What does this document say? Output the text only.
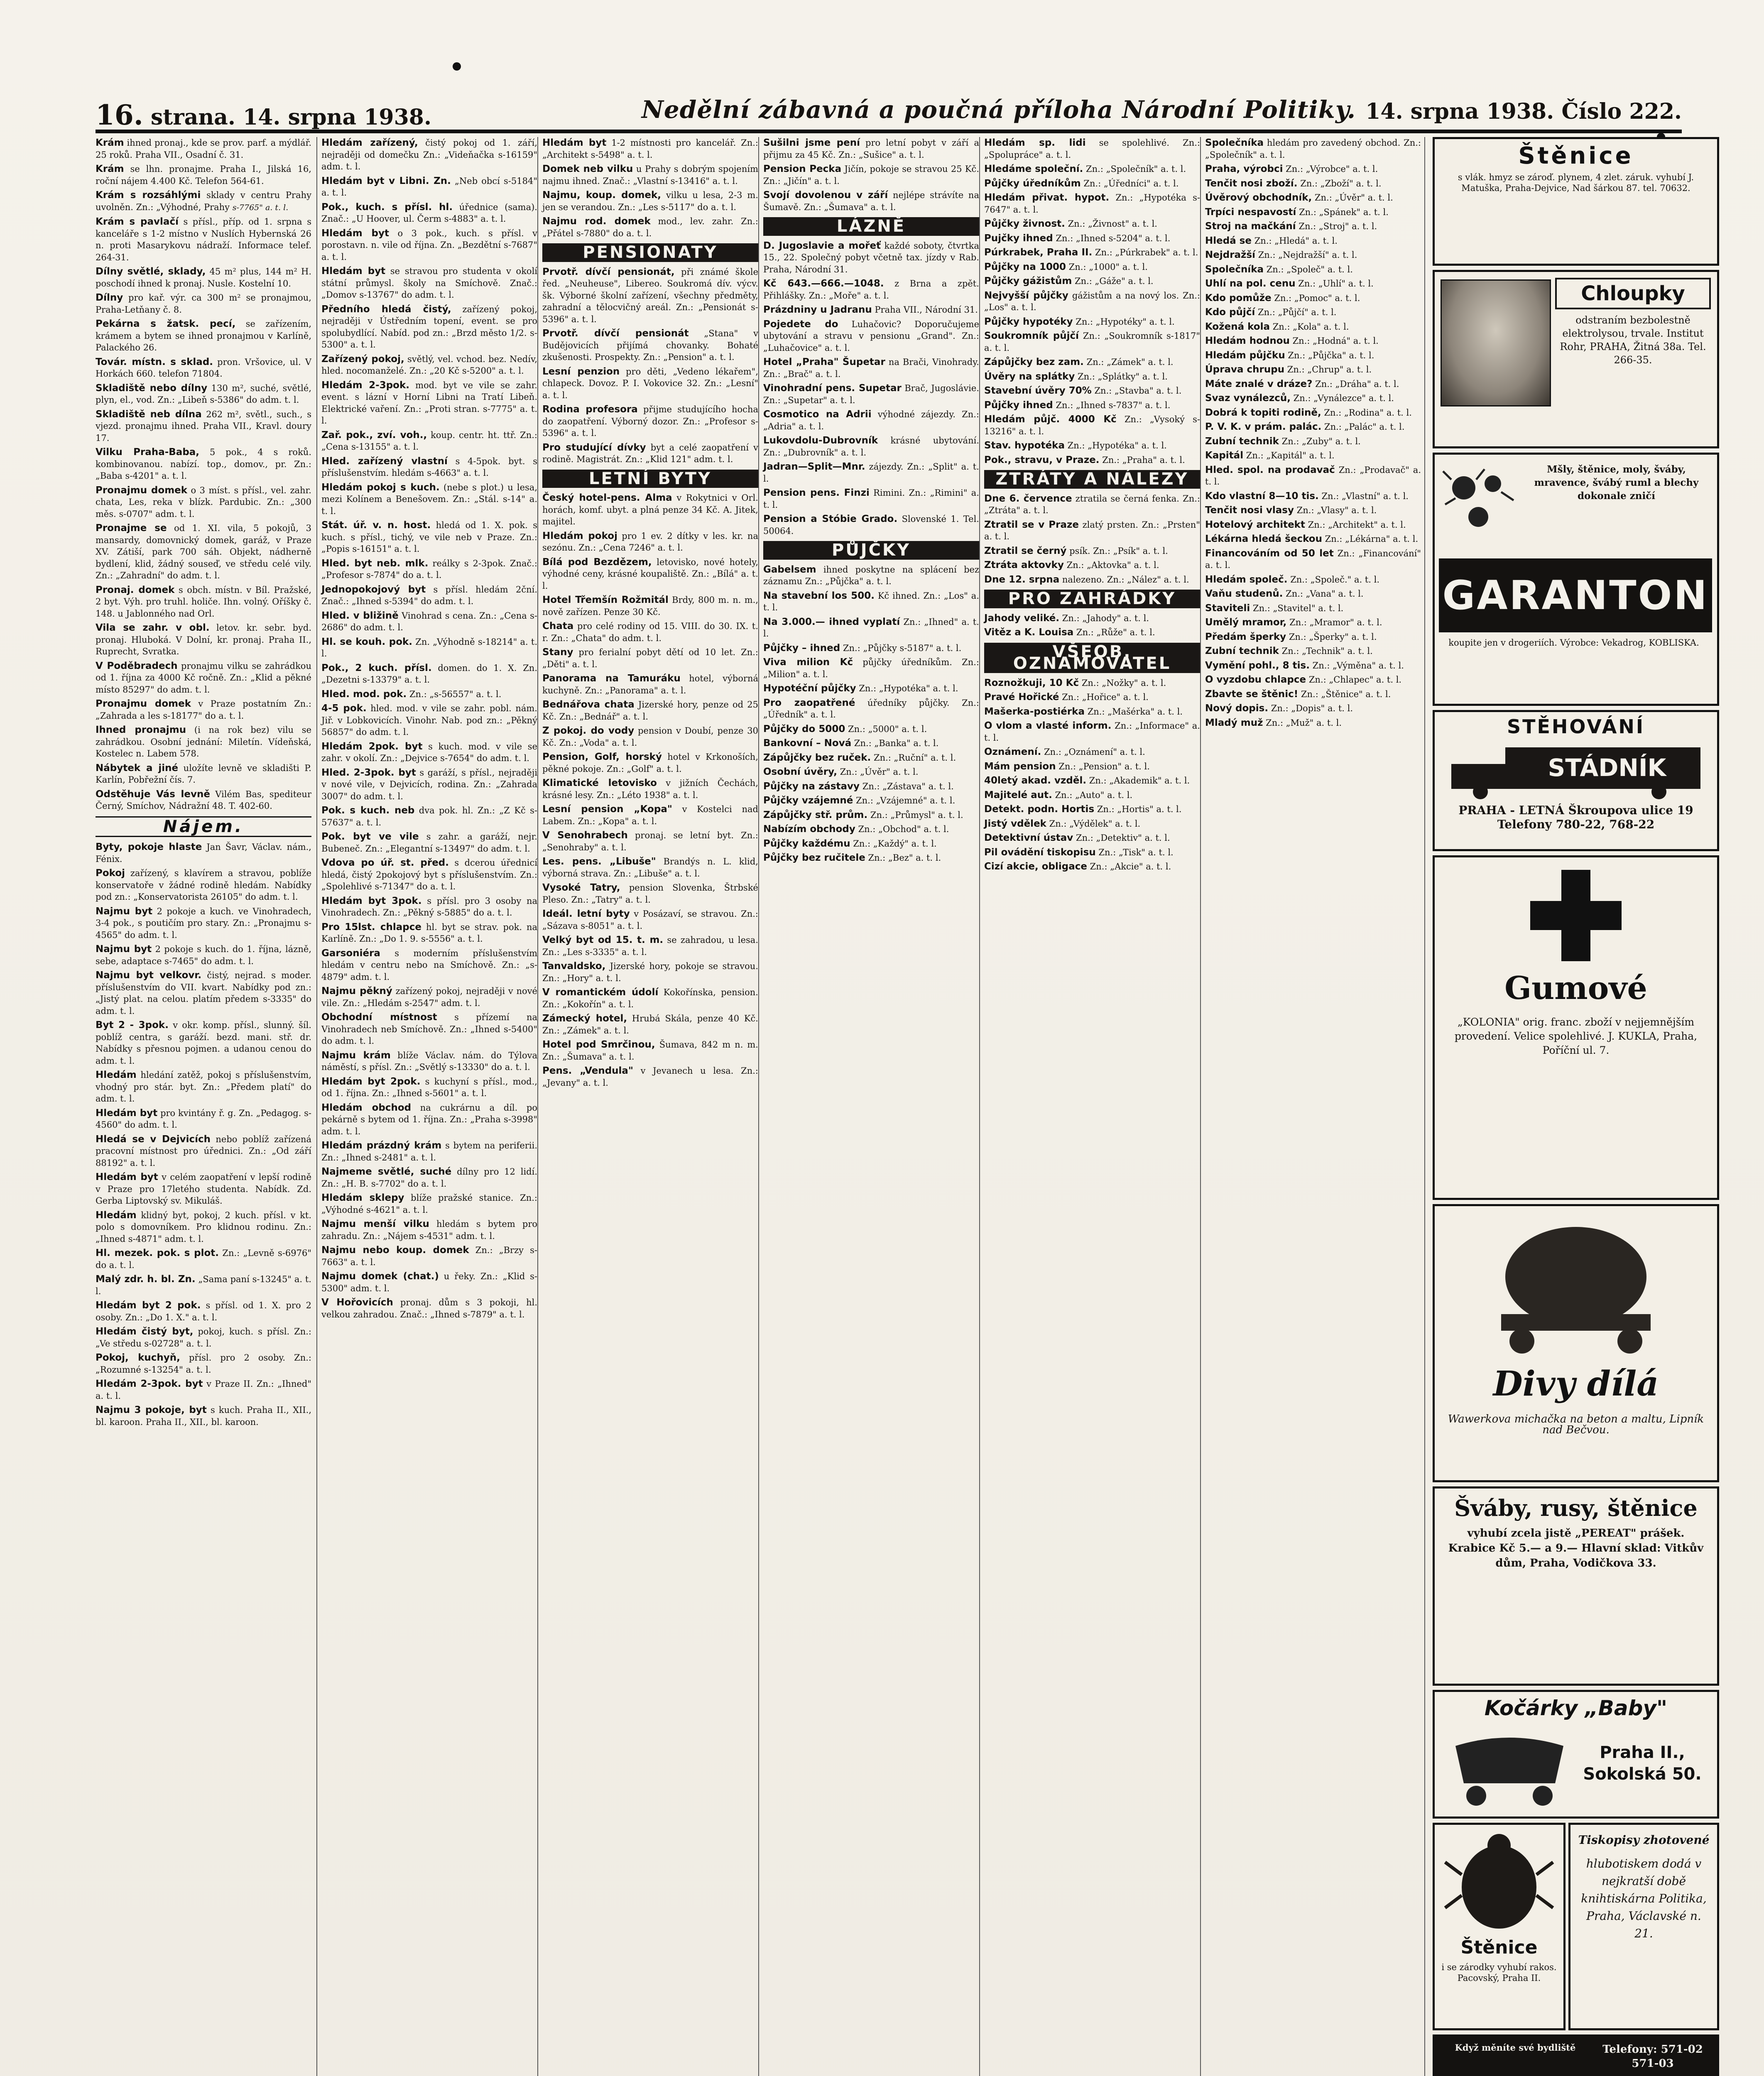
16. strana. 14. srpna 1938.	Nedělní zábavná a poučná příloha Národní Politiky. 14. srpna 1938. Číslo 222.

Krám ihned pronaj., kde se prov. parf. a mýdlář. 25 roků. Praha VII., Osadní č. 31.

Krám se lhn. pronajme. Praha I., Jilská 16, roční nájem 4.400 Kč. Telefon 564-61.

Krám s rozsáhlými sklady v centru Prahy uvolněn. Zn.: „Výhodné, Prahy s-7765" a. t. l.

Krám s pavlačí s přísl., příp. od 1. srpna s kanceláře s 1-2 místno v Nuslích Hybernská 26 n. proti Masarykovu nádraží. Informace telef. 264-31.

Dílny světlé, sklady, 45 m² plus, 144 m² H. poschodí ihned k pronaj. Nusle. Kostelní 10.

Dílny pro kař. výr. ca 300 m² se pronajmou, Praha-Letňany č. 8.

Pekárna s žatsk. pecí, se zařízením, krámem a bytem se ihned pronajmou v Karlíně, Palackého 26.

Továr. místn. s sklad. pron. Vršovice, ul. V Horkách 660. telefon 71804.

Skladiště nebo dílny 130 m², suché, světlé, plyn, el., vod. Zn.: „Libeň s-5386" do adm. t. l.

Skladiště neb dílna 262 m², světl., such., s vjezd. pronajmu ihned. Praha VII., Kravl. doury 17.

Vilku Praha-Baba, 5 pok., 4 s roků. kombinovanou. nabízí. top., domov., pr. Zn.: „Baba s-4201" a. t. l.

Pronajmu domek o 3 míst. s přísl., vel. zahr. chata, Les, reka v blízk. Pardubic. Zn.: „300 měs. s-0707" adm. t. l.

Pronajme se od 1. XI. vila, 5 pokojů, 3 mansardy, domovnický domek, garáž, v Praze XV. Zátiší, park 700 sáh. Objekt, nádherně bydlení, klid, žádný souseď, ve středu celé vily. Zn.: „Zahradní" do adm. t. l.

Pronaj. domek s obch. místn. v Bíl. Pražské, 2 byt. Výh. pro truhl. holiče. Ihn. volný. Oříšky č. 148. u Jablonného nad Orl.

Vila se zahr. v obl. letov. kr. sebr. byd. pronaj. Hluboká. V Dolní, kr. pronaj. Praha II., Ruprecht, Svratka.

V Poděbradech pronajmu vilku se zahrádkou od 1. října za 4000 Kč ročně. Zn.: „Klid a pěkné místo 85297" do adm. t. l.

Pronajmu domek v Praze postatním Zn.: „Zahrada a les s-18177" do a. t. l.

Ihned pronajmu (i na rok bez) vilu se zahrádkou. Osobní jednání: Miletín. Vídeňská, Kostelec n. Labem 578.

Nábytek a jiné uložíte levně ve skladišti P. Karlín, Pobřežní čís. 7.

Odstěhuje Vás levně Vilém Bas, spediteur Černý, Smíchov, Nádražní 48. T. 402-60.

Nájem.

Byty, pokoje hlaste Jan Šavr, Václav. nám., Fénix.

Pokoj zařízený, s klavírem a stravou, poblíže konservatoře v žádné rodině hledám. Nabídky pod zn.: „Konservatorista 26105" do adm. t. l.

Najmu byt 2 pokoje a kuch. ve Vinohradech, 3-4 pok., s poutičím pro stary. Zn.: „Pronajmu s-4565" do adm. t. l.

Najmu byt 2 pokoje s kuch. do 1. října, lázně, sebe, adaptace s-7465" do adm. t. l.

Najmu byt velkovr. čistý, nejrad. s moder. příslušenstvím do VII. kvart. Nabídky pod zn.: „Jistý plat. na celou. platím předem s-3335" do adm. t. l.

Byt 2 - 3pok. v okr. komp. přísl., slunný. šíl. poblíž centra, s garáží. bezd. mani. stř. dr. Nabídky s přesnou pojmen. a udanou cenou do adm. t. l.

Hledám hledání zatěž, pokoj s příslušenstvím, vhodný pro stár. byt. Zn.: „Předem platí" do adm. t. l.

Hledám byt pro kvintány ř. g. Zn. „Pedagog. s-4560" do adm. t. l.

Hledá se v Dejvicích nebo poblíž zařízená pracovní místnost pro úřednici. Zn.: „Od září 88192" a. t. l.

Hledám byt v celém zaopatření v lepší rodině v Praze pro 17letého studenta. Nabídk. Zd. Gerba Liptovský sv. Mikuláš.

Hledám klidný byt, pokoj, 2 kuch. přísl. v kt. polo s domovníkem. Pro klidnou rodinu. Zn.: „Ihned s-4871" adm. t. l.

Hl. mezek. pok. s plot. Zn.: „Levně s-6976" do a. t. l.

Malý zdr. h. bl. Zn. „Sama paní s-13245" a. t. l.

Hledám byt 2 pok. s přísl. od 1. X. pro 2 osoby. Zn.: „Do 1. X." a. t. l.

Hledám čistý byt, pokoj, kuch. s přísl. Zn.: „Ve středu s-02728" a. t. l.

Pokoj, kuchyň, přísl. pro 2 osoby. Zn.: „Rozumné s-13254" a. t. l.

Hledám 2-3pok. byt v Praze II. Zn.: „Ihned" a. t. l.

Najmu 3 pokoje, byt s kuch. Praha II., XII., bl. karoon. Praha II., XII., bl. karoon.

Hledám zařízený, čistý pokoj od 1. září, nejraději od domečku Zn.: „Videňačka s-16159" adm. t. l.

Hledám byt v Libni. Zn. „Neb obcí s-5184" a. t. l.

Pok., kuch. s přísl. hl. úřednice (sama). Znač.: „U Hoover, ul. Čerm s-4883" a. t. l.

Hledám byt o 3 pok., kuch. s přísl. v porostavn. n. vile od října. Zn. „Bezdětní s-7687" a. t. l.

Hledám byt se stravou pro studenta v okolí státní průmysl. školy na Smíchově. Znač.: „Domov s-13767" do adm. t. l.

Předního hledá čistý, zařízený pokoj, nejraději v Ústředním topení, event. se pro spolubydlící. Nabíd. pod zn.: „Brzd město 1/2. s-5300" a. t. l.

Zařízený pokoj, světlý, vel. vchod. bez. Nedív, hled. nocomanželé. Zn.: „20 Kč s-5200" a. t. l.

Hledám 2-3pok. mod. byt ve vile se zahr. event. s lázní v Horní Libni na Tratí Libeň. Elektrické vaření. Zn.: „Proti stran. s-7775" a. t. l.

Zař. pok., zví. voh., koup. centr. ht. ttř. Zn.: „Cena s-13155" a. t. l.

Hled. zařízený vlastní s 4-5pok. byt. s příslušenstvím. hledám s-4663" a. t. l.

Hledám pokoj s kuch. (nebe s plot.) u lesa, mezi Kolínem a Benešovem. Zn.: „Stál. s-14" a. t. l.

Stát. úř. v. n. host. hledá od 1. X. pok. s kuch. s přísl., tichý, ve vile neb v Praze. Zn.: „Popis s-16151" a. t. l.

Hled. byt neb. mlk. reálky s 2-3pok. Znač.: „Profesor s-7874" do a. t. l.

Jednopokojový byt s přísl. hledám 2ční. Znač.: „Ihned s-5394" do adm. t. l.

Hled. v bližině Vinohrad s cena. Zn.: „Cena s-2686" do adm. t. l.

Hl. se kouh. pok. Zn. „Výhodně s-18214" a. t. l.

Pok., 2 kuch. přísl. domen. do 1. X. Zn. „Dezetni s-13379" a. t. l.

Hled. mod. pok. Zn.: „s-56557" a. t. l.

4-5 pok. hled. mod. v vile se zahr. pobl. nám. Jiř. v Lobkovicích. Vinohr. Nab. pod zn.: „Pěkný 56857" do adm. t. l.

Hledám 2pok. byt s kuch. mod. v vile se zahr. v okolí. Zn.: „Dejvice s-7654" do adm. t. l.

Hled. 2-3pok. byt s garáží, s přísl., nejraději v nové vile, v Dejvicích, rodina. Zn.: „Zahrada 3007" do adm. t. l.

Pok. s kuch. neb dva pok. hl. Zn.: „Z Kč s-57637" a. t. l.

Pok. byt ve vile s zahr. a garáží, nejr. Bubeneč. Zn.: „Elegantní s-13497" do adm. t. l.

Vdova po úř. st. před. s dcerou úřednicí hledá, čistý 2pokojový byt s příslušenstvím. Zn.: „Spolehlivé s-71347" do a. t. l.

Hledám byt 3pok. s přísl. pro 3 osoby na Vinohradech. Zn.: „Pěkný s-5885" do a. t. l.

Pro 15lst. chlapce hl. byt se strav. pok. na Karlíně. Zn.: „Do 1. 9. s-5556" a. t. l.

Garsoniéra s moderním příslušenstvím hledám v centru nebo na Smíchově. Zn.: „s-4879" adm. t. l.

Najmu pěkný zařízený pokoj, nejraději v nové vile. Zn.: „Hledám s-2547" adm. t. l.

Obchodní místnost s přízemí na Vinohradech neb Smíchově. Zn.: „Ihned s-5400" do adm. t. l.

Najmu krám blíže Václav. nám. do Týlova náměstí, s přísl. Zn.: „Světlý s-13330" do a. t. l.

Hledám byt 2pok. s kuchyní s přísl., mod., od 1. října. Zn.: „Ihned s-5601" a. t. l.

Hledám obchod na cukrárnu a díl. po pekárně s bytem od 1. října. Zn.: „Praha s-3998" adm. t. l.

Hledám prázdný krám s bytem na periferii. Zn.: „Ihned s-2481" a. t. l.

Najmeme světlé, suché dílny pro 12 lidí. Zn.: „H. B. s-7702" do a. t. l.

Hledám sklepy blíže pražské stanice. Zn.: „Výhodné s-4621" a. t. l.

Najmu menší vilku hledám s bytem pro zahradu. Zn.: „Nájem s-4531" adm. t. l.

Najmu nebo koup. domek Zn.: „Brzy s-7663" a. t. l.

Najmu domek (chat.) u řeky. Zn.: „Klid s-5300" adm. t. l.

V Hořovicích pronaj. dům s 3 pokoji, hl. velkou zahradou. Znač.: „Ihned s-7879" a. t. l.

Hledám byt 1-2 místnosti pro kancelář. Zn.: „Architekt s-5498" a. t. l.

Domek neb vilku u Prahy s dobrým spojením najmu ihned. Znač.: „Vlastní s-13416" a. t. l.

Najmu, koup. domek, vilku u lesa, 2-3 m. jen se verandou. Zn.: „Les s-5117" do a. t. l.

Najmu rod. domek mod., lev. zahr. Zn.: „Přátel s-7880" do a. t. l.

PENSIONATY

Prvotř. dívčí pensionát, při známé škole řed. „Neuheuse", Libereo. Soukromá dív. výcv. šk. Výborné školní zařízení, všechny předměty, zahradní a tělocvičný areál. Zn.: „Pensionát s-5396" a. t. l.

Prvotř. dívčí pensionát „Stana" v Budějovicích přijímá chovanky. Bohaté zkušenosti. Prospekty. Zn.: „Pension" a. t. l.

Lesní penzion pro děti, „Vedeno lékařem", chlapeck. Dovoz. P. I. Vokovice 32. Zn.: „Lesní" a. t. l.

Rodina profesora přijme studujícího hocha do zaopatření. Výborný dozor. Zn.: „Profesor s-5396" a. t. l.

Pro studující dívky byt a celé zaopatření v rodině. Magistrát. Zn.: „Klid 121" adm. t. l.

LETNÍ BYTY

Český hotel-pens. Alma v Rokytnici v Orl. horách, komf. ubyt. a plná penze 34 Kč. A. Jitek, majitel.

Hledám pokoj pro 1 ev. 2 dítky v les. kr. na sezónu. Zn.: „Cena 7246" a. t. l.

Bílá pod Bezdězem, letovisko, nové hotely, výhodné ceny, krásné koupaliště. Zn.: „Bílá" a. t. l.

Hotel Třemšín Rožmitál Brdy, 800 m. n. m., nově zařízen. Penze 30 Kč.

Chata pro celé rodiny od 15. VIII. do 30. IX. t. r. Zn.: „Chata" do adm. t. l.

Stany pro ferialní pobyt dětí od 10 let. Zn.: „Děti" a. t. l.

Panorama na Tamuráku hotel, výborná kuchyně. Zn.: „Panorama" a. t. l.

Bednářova chata Jizerské hory, penze od 25 Kč. Zn.: „Bednář" a. t. l.

Z pokoj. do vody pension v Doubí, penze 30 Kč. Zn.: „Voda" a. t. l.

Pension, Golf, horský hotel v Krkonoších, pěkné pokoje. Zn.: „Golf" a. t. l.

Klimatické letovisko v jižních Čechách, krásné lesy. Zn.: „Léto 1938" a. t. l.

Lesní pension „Kopa" v Kostelci nad Labem. Zn.: „Kopa" a. t. l.

V Senohrabech pronaj. se letní byt. Zn.: „Senohraby" a. t. l.

Les. pens. „Libuše" Brandýs n. L. klid, výborná strava. Zn.: „Libuše" a. t. l.

Vysoké Tatry, pension Slovenka, Štrbské Pleso. Zn.: „Tatry" a. t. l.

Ideál. letní byty v Posázaví, se stravou. Zn.: „Sázava s-8051" a. t. l.

Velký byt od 15. t. m. se zahradou, u lesa. Zn.: „Les s-3335" a. t. l.

Tanvaldsko, Jizerské hory, pokoje se stravou. Zn.: „Hory" a. t. l.

V romantickém údolí Kokořínska, pension. Zn.: „Kokořín" a. t. l.

Zámecký hotel, Hrubá Skála, penze 40 Kč. Zn.: „Zámek" a. t. l.

Hotel pod Smrčinou, Šumava, 842 m n. m. Zn.: „Šumava" a. t. l.

Pens. „Vendula" v Jevanech u lesa. Zn.: „Jevany" a. t. l.

Sušilni jsme pení pro letní pobyt v září a přijmu za 45 Kč. Zn.: „Sušice" a. t. l.

Pension Pecka Jičín, pokoje se stravou 25 Kč. Zn.: „Jičín" a. t. l.

Svojí dovolenou v září nejlépe strávíte na Šumavě. Zn.: „Šumava" a. t. l.

LÁZNĚ

D. Jugoslavie a mořeť každé soboty, čtvrtka 15., 22. Společný pobyt včetně tax. jízdy v Rab. Praha, Národní 31.

Kč 643.—666.—1048. z Brna a zpět. Přihlášky. Zn.: „Moře" a. t. l.

Prázdniny u Jadranu Praha VII., Národní 31.

Pojedete do Luhačovic? Doporučujeme ubytování a stravu v pensionu „Grand". Zn.: „Luhačovice" a. t. l.

Hotel „Praha" Šupetar na Brači, Vinohrady. Zn.: „Brač" a. t. l.

Vinohradní pens. Supetar Brač, Jugoslávie. Zn.: „Supetar" a. t. l.

Cosmotico na Adrii výhodné zájezdy. Zn.: „Adria" a. t. l.

Lukovdolu-Dubrovník krásné ubytování. Zn.: „Dubrovník" a. t. l.

Jadran—Split—Mnr. zájezdy. Zn.: „Split" a. t. l.

Pension pens. Finzi Rimini. Zn.: „Rimini" a. t. l.

Pension a Stóbie Grado. Slovenské 1. Tel. 50064.

PŮJČKY

Gabelsem ihned poskytne na splácení bez záznamu Zn.: „Půjčka" a. t. l.

Na stavební los 500. Kč ihned. Zn.: „Los" a. t. l.

Na 3.000.— ihned vyplatí Zn.: „Ihned" a. t. l.

Půjčky – ihned Zn.: „Půjčky s-5187" a. t. l.

Viva milion Kč půjčky úředníkům. Zn.: „Milion" a. t. l.

Hypotéční půjčky Zn.: „Hypotéka" a. t. l.

Pro zaopatřené úředníky půjčky. Zn.: „Úředník" a. t. l.

Půjčky do 5000 Zn.: „5000" a. t. l.

Bankovní – Nová Zn.: „Banka" a. t. l.

Zápůjčky bez ruček. Zn.: „Ruční" a. t. l.

Osobní úvěry, Zn.: „Úvěr" a. t. l.

Půjčky na zástavy Zn.: „Zástava" a. t. l.

Půjčky vzájemné Zn.: „Vzájemné" a. t. l.

Zápůjčky stř. prům. Zn.: „Průmysl" a. t. l.

Nabízím obchody Zn.: „Obchod" a. t. l.

Půjčky každému Zn.: „Každý" a. t. l.

Půjčky bez ručitele Zn.: „Bez" a. t. l.

Hledám sp. lidi se spolehlivé. Zn.: „Spolupráce" a. t. l.

Hledáme společní. Zn.: „Společník" a. t. l.

Půjčky úředníkům Zn.: „Úředníci" a. t. l.

Hledám přivat. hypot. Zn.: „Hypotéka s-7647" a. t. l.

Půjčky živnost. Zn.: „Živnost" a. t. l.

Pujčky ihned Zn.: „Ihned s-5204" a. t. l.

Púrkrabek, Praha II. Zn.: „Púrkrabek" a. t. l.

Půjčky na 1000 Zn.: „1000" a. t. l.

Půjčky gážistům Zn.: „Gáže" a. t. l.

Nejvyšší půjčky gážistům a na nový los. Zn.: „Los" a. t. l.

Půjčky hypotéky Zn.: „Hypotéky" a. t. l.

Soukromník půjčí Zn.: „Soukromník s-1817" a. t. l.

Zápůjčky bez zam. Zn.: „Zámek" a. t. l.

Úvěry na splátky Zn.: „Splátky" a. t. l.

Stavební úvěry 70% Zn.: „Stavba" a. t. l.

Půjčky ihned Zn.: „Ihned s-7837" a. t. l.

Hledám půjč. 4000 Kč Zn.: „Vysoký s-13216" a. t. l.

Stav. hypotéka Zn.: „Hypotéka" a. t. l.

Pok., stravu, v Praze. Zn.: „Praha" a. t. l.

ZTRÁTY A NÁLEZY

Dne 6. července ztratila se černá fenka. Zn.: „Ztráta" a. t. l.

Ztratil se v Praze zlatý prsten. Zn.: „Prsten" a. t. l.

Ztratil se černý psík. Zn.: „Psík" a. t. l.

Ztráta aktovky Zn.: „Aktovka" a. t. l.

Dne 12. srpna nalezeno. Zn.: „Nález" a. t. l.

PRO ZAHRÁDKY

Jahody veliké. Zn.: „Jahody" a. t. l.

Vitěz a K. Louisa Zn.: „Růže" a. t. l.

VŠEOB. OZNAMOVATEL

Roznožkuji, 10 Kč Zn.: „Nožky" a. t. l.

Pravé Hořické Zn.: „Hořice" a. t. l.

Mašerka-postiérka Zn.: „Mašérka" a. t. l.

O vlom a vlasté inform. Zn.: „Informace" a. t. l.

Oznámení. Zn.: „Oznámení" a. t. l.

Mám pension Zn.: „Pension" a. t. l.

40letý akad. vzděl. Zn.: „Akademik" a. t. l.

Majitelé aut. Zn.: „Auto" a. t. l.

Detekt. podn. Hortis Zn.: „Hortis" a. t. l.

Jistý vdělek Zn.: „Výdělek" a. t. l.

Detektivní ústav Zn.: „Detektiv" a. t. l.

Pil ovádění tiskopisu Zn.: „Tisk" a. t. l.

Cizí akcie, obligace Zn.: „Akcie" a. t. l.

Společníka hledám pro zavedený obchod. Zn.: „Společník" a. t. l.

Praha, výrobci Zn.: „Výrobce" a. t. l.

Tenčit nosi zboží. Zn.: „Zboží" a. t. l.

Úvěrový obchodník, Zn.: „Úvěr" a. t. l.

Trpíci nespavostí Zn.: „Spánek" a. t. l.

Stroj na mačkání Zn.: „Stroj" a. t. l.

Hledá se Zn.: „Hledá" a. t. l.

Nejdražší Zn.: „Nejdražší" a. t. l.

Společníka Zn.: „Společ" a. t. l.

Uhlí na pol. cenu Zn.: „Uhlí" a. t. l.

Kdo pomůže Zn.: „Pomoc" a. t. l.

Kdo půjčí Zn.: „Půjčí" a. t. l.

Kožená kola Zn.: „Kola" a. t. l.

Hledám hodnou Zn.: „Hodná" a. t. l.

Hledám půjčku Zn.: „Půjčka" a. t. l.

Úprava chrupu Zn.: „Chrup" a. t. l.

Máte znalé v dráze? Zn.: „Dráha" a. t. l.

Svaz vynálezců, Zn.: „Vynálezce" a. t. l.

Dobrá k topiti rodině, Zn.: „Rodina" a. t. l.

P. V. K. v prám. palác. Zn.: „Palác" a. t. l.

Zubní technik Zn.: „Zuby" a. t. l.

Kapitál Zn.: „Kapitál" a. t. l.

Hled. spol. na prodavač Zn.: „Prodavač" a. t. l.

Kdo vlastní 8—10 tis. Zn.: „Vlastní" a. t. l.

Tenčit nosi vlasy Zn.: „Vlasy" a. t. l.

Hotelový architekt Zn.: „Architekt" a. t. l.

Lékárna hledá šeckou Zn.: „Lékárna" a. t. l.

Financováním od 50 let Zn.: „Financování" a. t. l.

Hledám společ. Zn.: „Společ." a. t. l.

Vaňu studenů. Zn.: „Vana" a. t. l.

Staviteli Zn.: „Stavitel" a. t. l.

Umělý mramor, Zn.: „Mramor" a. t. l.

Předám šperky Zn.: „Šperky" a. t. l.

Zubní technik Zn.: „Technik" a. t. l.

Vymění pohl., 8 tis. Zn.: „Výměna" a. t. l.

O vyzdobu chlapce Zn.: „Chlapec" a. t. l.

Zbavte se štěnic! Zn.: „Štěnice" a. t. l.

Nový dopis. Zn.: „Dopis" a. t. l.

Mladý muž Zn.: „Muž" a. t. l.

Štěnice
s vlák. hmyz se zároď. plynem, 4 zlet. záruk. vyhubí J. Matuška, Praha-Dejvice, Nad šárkou 87. tel. 70632.
Chloupky
odstraním bezbolestně elektrolysou, trvale. Institut Rohr, PRAHA, Žitná 38a. Tel. 266-35.
Mšly, štěnice, moly, šváby, mravence, švábý ruml a blechy dokonale zničí
GARANTON
koupite jen v drogeriích. Výrobce: Vekadrog, KOBLISKA.
STĚHOVÁNÍ
STÁDNÍK
PRAHA - LETNÁ Škroupova ulice 19 Telefony 780-22, 768-22
Gumové
„KOLONIA" orig. franc. zboží v nejjemnějším provedení. Velice spolehlivé. J. KUKLA, Praha, Poříční ul. 7.
Divy dílá
Wawerkova michačka na beton a maltu, Lipník nad Bečvou.
Šváby, rusy, štěnice
vyhubí zcela jistě „PEREAT" prášek. Krabice Kč 5.— a 9.— Hlavní sklad: Vitkův dům, Praha, Vodičkova 33.
Kočárky „Baby"
Praha II., Sokolská 50.
Štěnice
i se zárodky vyhubí rakos. Pacovský, Praha II.
Tiskopisy zhotovené
hlubotiskem dodá v nejkratší době knihtiskárna Politika, Praha, Václavské n. 21.
Když měníte své bydliště	Telefony: 571-02 571-03
